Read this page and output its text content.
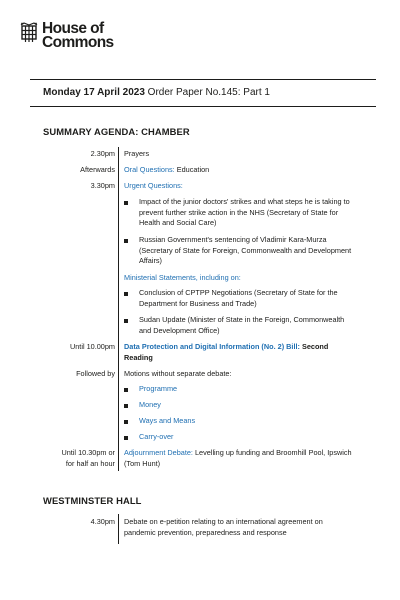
House of
Commons
Monday 17 April 2023 Order Paper No.145: Part 1
SUMMARY AGENDA: CHAMBER
2.30pm Prayers
Afterwards Oral Questions: Education
3.30pm Urgent Questions:
Impact of the junior doctors' strikes and what steps he is taking to prevent further strike action in the NHS (Secretary of State for Health and Social Care)
Russian Government's sentencing of Vladimir Kara-Murza (Secretary of State for Foreign, Commonwealth and Development Affairs)
Ministerial Statements, including on:
Conclusion of CPTPP Negotiations (Secretary of State for the Department for Business and Trade)
Sudan Update (Minister of State in the Foreign, Commonwealth and Development Office)
Until 10.00pm Data Protection and Digital Information (No. 2) Bill: Second Reading
Followed by Motions without separate debate:
Programme
Money
Ways and Means
Carry-over
Until 10.30pm or
for half an hour
Adjournment Debate: Levelling up funding and Broomhill Pool, Ipswich (Tom Hunt)
WESTMINSTER HALL
4.30pm Debate on e-petition relating to an international agreement on pandemic prevention, preparedness and response
